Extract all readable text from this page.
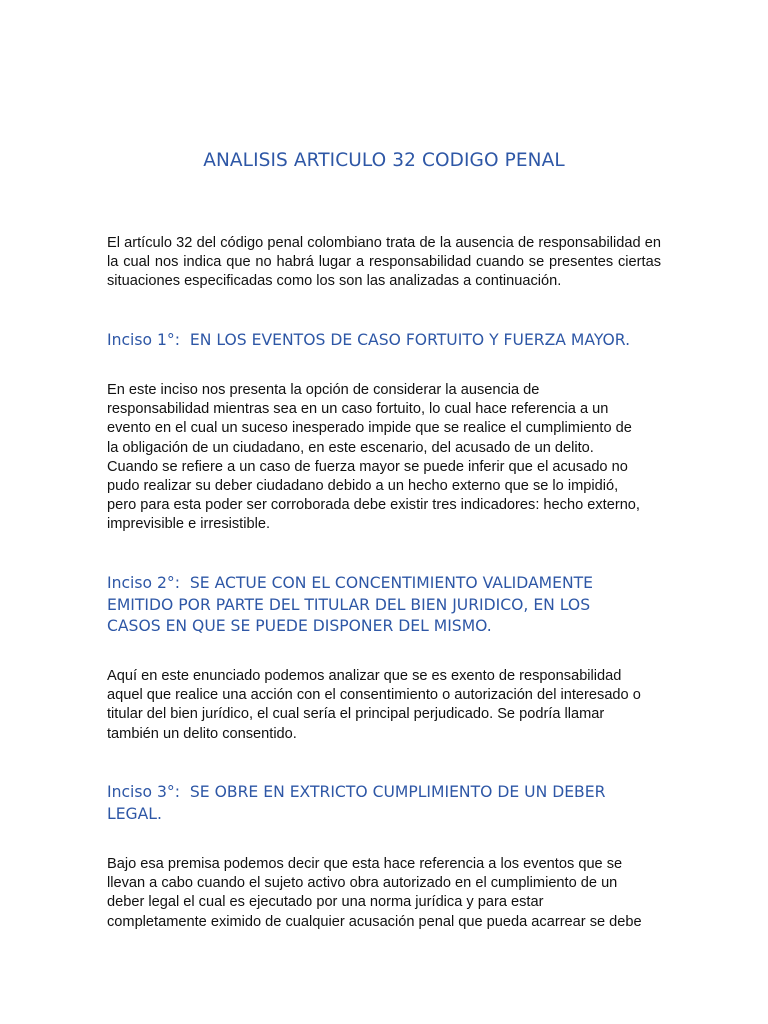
ANALISIS ARTICULO 32 CODIGO PENAL

El artículo 32 del código penal colombiano trata de la ausencia de responsabilidad en la cual nos indica que no habrá lugar a responsabilidad cuando se presentes ciertas situaciones especificadas como los son las analizadas a continuación.

Inciso 1°:  EN LOS EVENTOS DE CASO FORTUITO Y FUERZA MAYOR.
En este inciso nos presenta la opción de considerar la ausencia de
responsabilidad mientras sea en un caso fortuito, lo cual hace referencia a un
evento en el cual un suceso inesperado impide que se realice el cumplimiento de
la obligación de un ciudadano, en este escenario, del acusado de un delito.
Cuando se refiere a un caso de fuerza mayor se puede inferir que el acusado no
pudo realizar su deber ciudadano debido a un hecho externo que se lo impidió,
pero para esta poder ser corroborada debe existir tres indicadores: hecho externo,
imprevisible e irresistible.
Inciso 2°:  SE ACTUE CON EL CONCENTIMIENTO VALIDAMENTE
EMITIDO POR PARTE DEL TITULAR DEL BIEN JURIDICO, EN LOS
CASOS EN QUE SE PUEDE DISPONER DEL MISMO.
Aquí en este enunciado podemos analizar que se es exento de responsabilidad
aquel que realice una acción con el consentimiento o autorización del interesado o
titular del bien jurídico, el cual sería el principal perjudicado. Se podría llamar
también un delito consentido.
Inciso 3°:  SE OBRE EN EXTRICTO CUMPLIMIENTO DE UN DEBER
LEGAL.
Bajo esa premisa podemos decir que esta hace referencia a los eventos que se
llevan a cabo cuando el sujeto activo obra autorizado en el cumplimiento de un
deber legal el cual es ejecutado por una norma jurídica y para estar
completamente eximido de cualquier acusación penal que pueda acarrear se debe
